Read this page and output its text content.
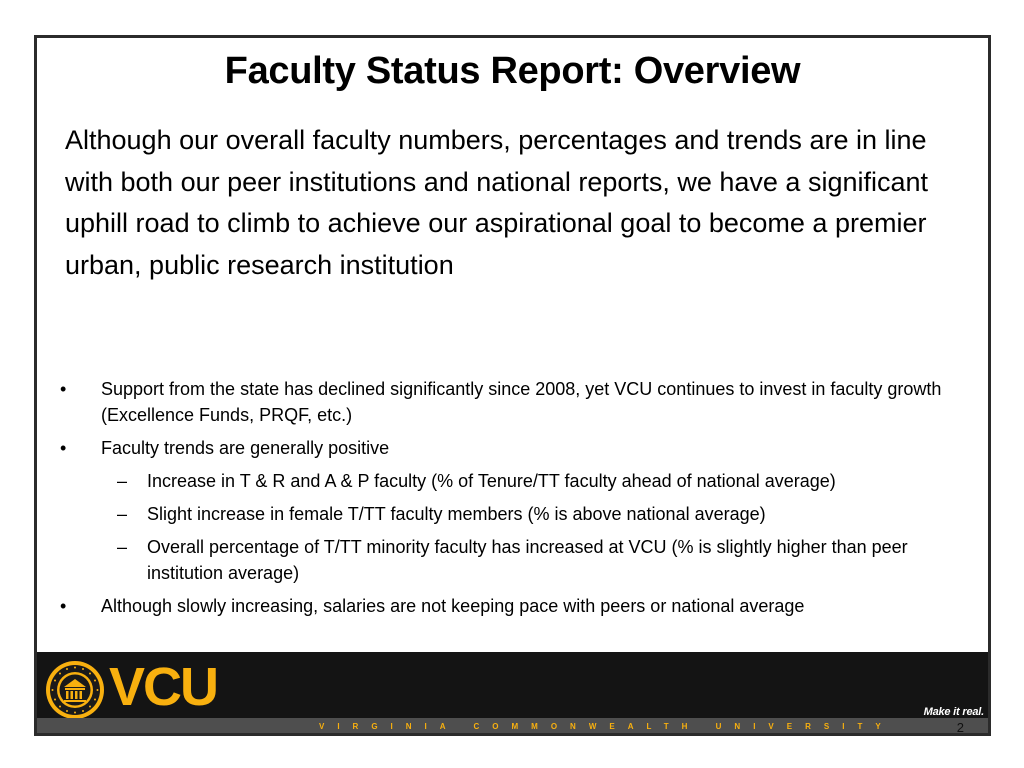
Faculty Status Report: Overview
Although our overall faculty numbers, percentages and trends are in line with both our peer institutions and national reports, we have a significant uphill road to climb to achieve our aspirational goal to become a premier urban, public research institution
• Support from the state has declined significantly since 2008, yet VCU continues to invest in faculty growth (Excellence Funds, PRQF, etc.)
• Faculty trends are generally positive
– Increase in T & R and A & P faculty (% of Tenure/TT faculty ahead of national average)
– Slight increase in female T/TT faculty members (% is above national average)
– Overall percentage of T/TT minority faculty has increased at VCU (% is slightly higher than peer institution average)
• Although slowly increasing, salaries are not keeping pace with peers or national average
VCU	Make it real.
VIRGINIA COMMONWEALTH UNIVERSITY	2
